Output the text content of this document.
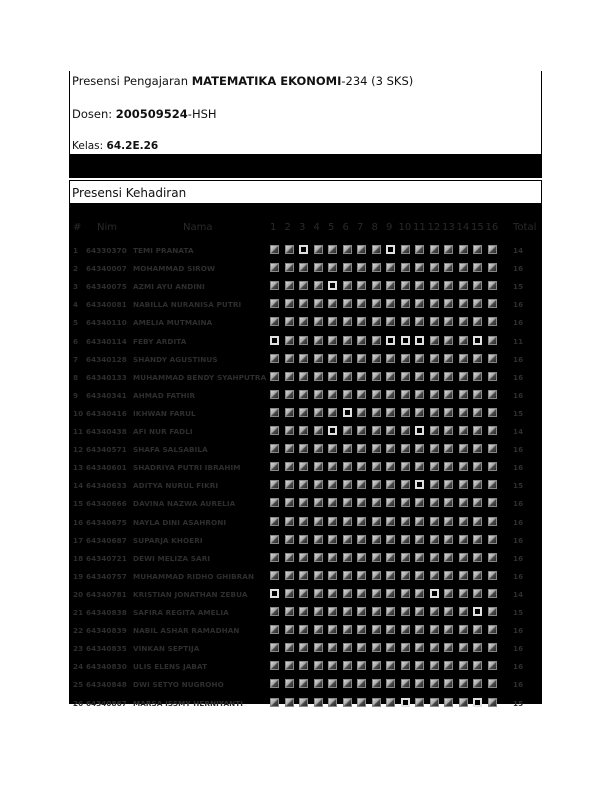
Presensi Pengajaran MATEMATIKA EKONOMI-234 (3 SKS)
Dosen: 200509524-HSH
Kelas: 64.2E.26
Presensi Kehadiran
# Nim	Nama	1 2 3 4 5 6 7 8 9 10 11 12 13 14 15 16 Total
1 64330370 TEMI PRANATA	14
2 64340007 MOHAMMAD SIROW	16
3 64340075 AZMI AYU ANDINI	15
4 64340081 NABILLA NURANISA PUTRI	16
5 64340110 AMELIA MUTMAINA	16
6 64340114 FEBY ARDITA	11
7 64340128 SHANDY AGUSTINUS	16
8 64340133 MUHAMMAD BENDY SYAHPUTRA	16
9 64340341 AHMAD FATHIR	16
10 64340416 IKHWAN FARUL	15
11 64340438 AFI NUR FADLI	14
12 64340571 SHAFA SALSABILA	16
13 64340601 SHADRIYA PUTRI IBRAHIM	16
14 64340633 ADITYA NURUL FIKRI	15
15 64340666 DAVINA NAZWA AURELIA	16
16 64340675 NAYLA DINI ASAHRONI	16
17 64340687 SUPARJA KHOERI	16
18 64340721 DEWI MELIZA SARI	16
19 64340757 MUHAMMAD RIDHO GHIBRAN	16
20 64340781 KRISTIAN JONATHAN ZEBUA	14
21 64340838 SAFIRA REGITA AMELIA	15
22 64340839 NABIL ASHAR RAMADHAN	16
23 64340835 VINKAN SEPTIJA	16
24 64340830 ULIS ELENS JABAT	16
25 64340848 DWI SETYO NUGROHO	16
26 64340867 MARSA ISSMY HERNIYANTI	15
